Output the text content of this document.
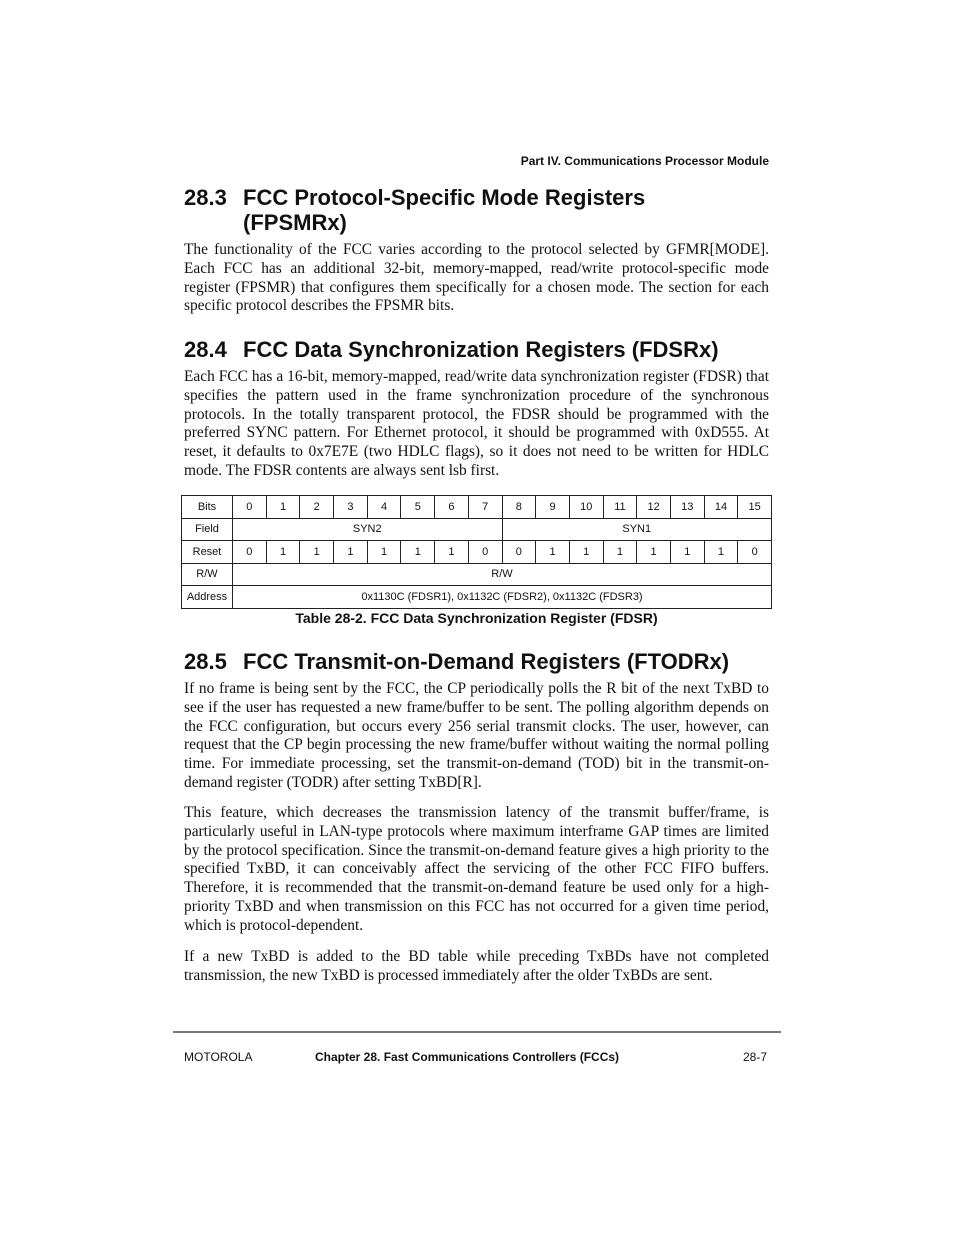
Part IV. Communications Processor Module
28.3 FCC Protocol-Specific Mode Registers
(FPSMRx)

The functionality of the FCC varies according to the protocol selected by GFMR[MODE]. Each FCC has an additional 32-bit, memory-mapped, read/write protocol-specific mode register (FPSMR) that configures them specifically for a chosen mode. The section for each specific protocol describes the FPSMR bits.

28.4 FCC Data Synchronization Registers (FDSRx)

Each FCC has a 16-bit, memory-mapped, read/write data synchronization register (FDSR) that specifies the pattern used in the frame synchronization procedure of the synchronous protocols. In the totally transparent protocol, the FDSR should be programmed with the preferred SYNC pattern. For Ethernet protocol, it should be programmed with 0xD555. At reset, it defaults to 0x7E7E (two HDLC flags), so it does not need to be written for HDLC mode. The FDSR contents are always sent lsb first.

Bits	0	1	2	3	4	5	6	7	8	9	10	11	12	13	14	15
Field	SYN2								SYN1							
Reset	0	1	1	1	1	1	1	0	0	1	1	1	1	1	1	0
R/W	R/W															
Address	0x1130C (FDSR1), 0x1132C (FDSR2), 0x1132C (FDSR3)															
Table 28-2. FCC Data Synchronization Register (FDSR)
28.5 FCC Transmit-on-Demand Registers (FTODRx)

If no frame is being sent by the FCC, the CP periodically polls the R bit of the next TxBD to see if the user has requested a new frame/buffer to be sent. The polling algorithm depends on the FCC configuration, but occurs every 256 serial transmit clocks. The user, however, can request that the CP begin processing the new frame/buffer without waiting the normal polling time. For immediate processing, set the transmit-on-demand (TOD) bit in the transmit-on-demand register (TODR) after setting TxBD[R].

This feature, which decreases the transmission latency of the transmit buffer/frame, is particularly useful in LAN-type protocols where maximum interframe GAP times are limited by the protocol specification. Since the transmit-on-demand feature gives a high priority to the specified TxBD, it can conceivably affect the servicing of the other FCC FIFO buffers. Therefore, it is recommended that the transmit-on-demand feature be used only for a high-priority TxBD and when transmission on this FCC has not occurred for a given time period, which is protocol-dependent.

If a new TxBD is added to the BD table while preceding TxBDs have not completed transmission, the new TxBD is processed immediately after the older TxBDs are sent.

MOTOROLA	Chapter 28. Fast Communications Controllers (FCCs)	28-7
